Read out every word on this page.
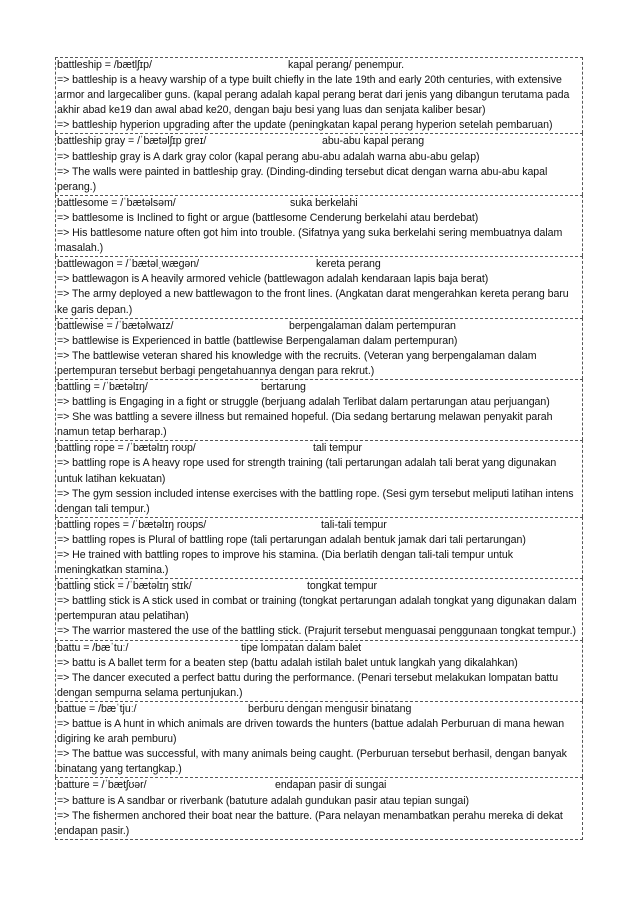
battleship = /bætlʃɪp/	kapal perang/ penempur.
=> battleship is a heavy warship of a type built chiefly in the late 19th and early 20th centuries, with extensive armor and largecaliber guns. (kapal perang adalah kapal perang berat dari jenis yang dibangun terutama pada akhir abad ke19 dan awal abad ke20, dengan baju besi yang luas dan senjata kaliber besar)
=> battleship hyperion upgrading after the update (peningkatan kapal perang hyperion setelah pembaruan)
battleship gray = /ˈbætəlʃɪp greɪ/	abu-abu kapal perang
=> battleship gray is A dark gray color (kapal perang abu-abu adalah warna abu-abu gelap)
=> The walls were painted in battleship gray. (Dinding-dinding tersebut dicat dengan warna abu-abu kapal perang.)
battlesome = /ˈbætəlsəm/	suka berkelahi
=> battlesome is Inclined to fight or argue (battlesome Cenderung berkelahi atau berdebat)
=> His battlesome nature often got him into trouble. (Sifatnya yang suka berkelahi sering membuatnya dalam masalah.)
battlewagon = /ˈbætəlˌwægən/	kereta perang
=> battlewagon is A heavily armored vehicle (battlewagon adalah kendaraan lapis baja berat)
=> The army deployed a new battlewagon to the front lines. (Angkatan darat mengerahkan kereta perang baru ke garis depan.)
battlewise = /ˈbætəlwaɪz/	berpengalaman dalam pertempuran
=> battlewise is Experienced in battle (battlewise Berpengalaman dalam pertempuran)
=> The battlewise veteran shared his knowledge with the recruits. (Veteran yang berpengalaman dalam pertempuran tersebut berbagi pengetahuannya dengan para rekrut.)
battling = /ˈbætəlɪŋ/	bertarung
=> battling is Engaging in a fight or struggle (berjuang adalah Terlibat dalam pertarungan atau perjuangan)
=> She was battling a severe illness but remained hopeful. (Dia sedang bertarung melawan penyakit parah namun tetap berharap.)
battling rope = /ˈbætəlɪŋ roʊp/	tali tempur
=> battling rope is A heavy rope used for strength training (tali pertarungan adalah tali berat yang digunakan untuk latihan kekuatan)
=> The gym session included intense exercises with the battling rope. (Sesi gym tersebut meliputi latihan intens dengan tali tempur.)
battling ropes = /ˈbætəlɪŋ roʊps/	tali-tali tempur
=> battling ropes is Plural of battling rope (tali pertarungan adalah bentuk jamak dari tali pertarungan)
=> He trained with battling ropes to improve his stamina. (Dia berlatih dengan tali-tali tempur untuk meningkatkan stamina.)
battling stick = /ˈbætəlɪŋ stɪk/	tongkat tempur
=> battling stick is A stick used in combat or training (tongkat pertarungan adalah tongkat yang digunakan dalam pertempuran atau pelatihan)
=> The warrior mastered the use of the battling stick. (Prajurit tersebut menguasai penggunaan tongkat tempur.)
battu = /bæˈtuː/	tipe lompatan dalam balet
=> battu is A ballet term for a beaten step (battu adalah istilah balet untuk langkah yang dikalahkan)
=> The dancer executed a perfect battu during the performance. (Penari tersebut melakukan lompatan battu dengan sempurna selama pertunjukan.)
battue = /bæˈtjuː/	berburu dengan mengusir binatang
=> battue is A hunt in which animals are driven towards the hunters (battue adalah Perburuan di mana hewan digiring ke arah pemburu)
=> The battue was successful, with many animals being caught. (Perburuan tersebut berhasil, dengan banyak binatang yang tertangkap.)
batture = /ˈbætʃʊər/	endapan pasir di sungai
=> batture is A sandbar or riverbank (batuture adalah gundukan pasir atau tepian sungai)
=> The fishermen anchored their boat near the batture. (Para nelayan menambatkan perahu mereka di dekat endapan pasir.)
